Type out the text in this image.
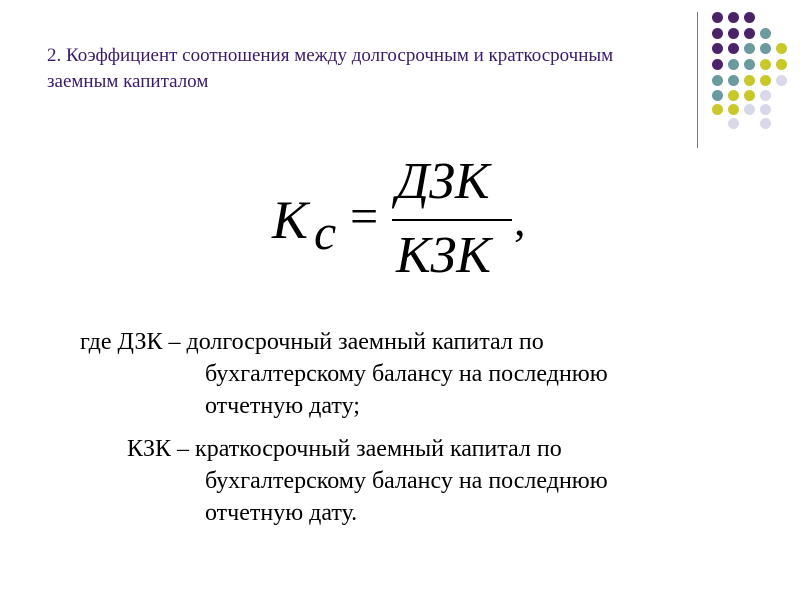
2. Коэффициент соотношения между долгосрочным и краткосрочным заемным капиталом
К с =
ДЗК
КЗК
,
где ДЗК – долгосрочный заемный капитал по
бухгалтерскому балансу на последнюю
отчетную дату;
КЗК – краткосрочный заемный капитал по
бухгалтерскому балансу на последнюю
отчетную дату.
